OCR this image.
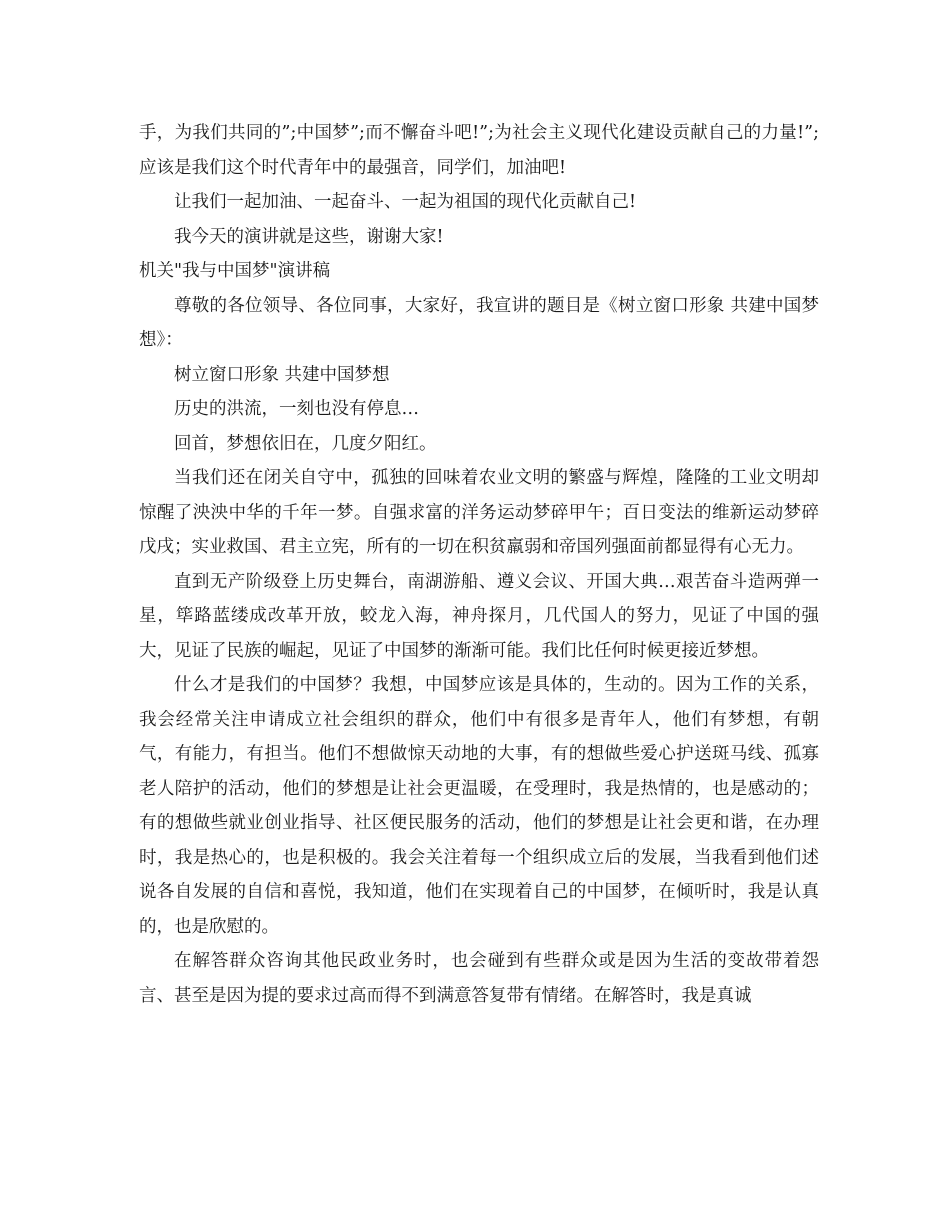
手，为我们共同的”;中国梦”;而不懈奋斗吧!”;为社会主义现代化建设贡献自己的力量!”;应该是我们这个时代青年中的最强音，同学们，加油吧!

让我们一起加油、一起奋斗、一起为祖国的现代化贡献自己!

我今天的演讲就是这些，谢谢大家!

机关"我与中国梦"演讲稿

尊敬的各位领导、各位同事，大家好，我宣讲的题目是《树立窗口形象 共建中国梦想》：

树立窗口形象 共建中国梦想

历史的洪流，一刻也没有停息…

回首，梦想依旧在，几度夕阳红。

当我们还在闭关自守中，孤独的回味着农业文明的繁盛与辉煌，隆隆的工业文明却惊醒了泱泱中华的千年一梦。自强求富的洋务运动梦碎甲午；百日变法的维新运动梦碎戊戌；实业救国、君主立宪，所有的一切在积贫羸弱和帝国列强面前都显得有心无力。

直到无产阶级登上历史舞台，南湖游船、遵义会议、开国大典…艰苦奋斗造两弹一星，筚路蓝缕成改革开放，蛟龙入海，神舟探月，几代国人的努力，见证了中国的强大，见证了民族的崛起，见证了中国梦的渐渐可能。我们比任何时候更接近梦想。

什么才是我们的中国梦？我想，中国梦应该是具体的，生动的。因为工作的关系，我会经常关注申请成立社会组织的群众，他们中有很多是青年人，他们有梦想，有朝气，有能力，有担当。他们不想做惊天动地的大事，有的想做些爱心护送斑马线、孤寡老人陪护的活动，他们的梦想是让社会更温暖，在受理时，我是热情的，也是感动的；有的想做些就业创业指导、社区便民服务的活动，他们的梦想是让社会更和谐，在办理时，我是热心的，也是积极的。我会关注着每一个组织成立后的发展，当我看到他们述说各自发展的自信和喜悦，我知道，他们在实现着自己的中国梦，在倾听时，我是认真的，也是欣慰的。

在解答群众咨询其他民政业务时，也会碰到有些群众或是因为生活的变故带着怨言、甚至是因为提的要求过高而得不到满意答复带有情绪。在解答时，我是真诚
